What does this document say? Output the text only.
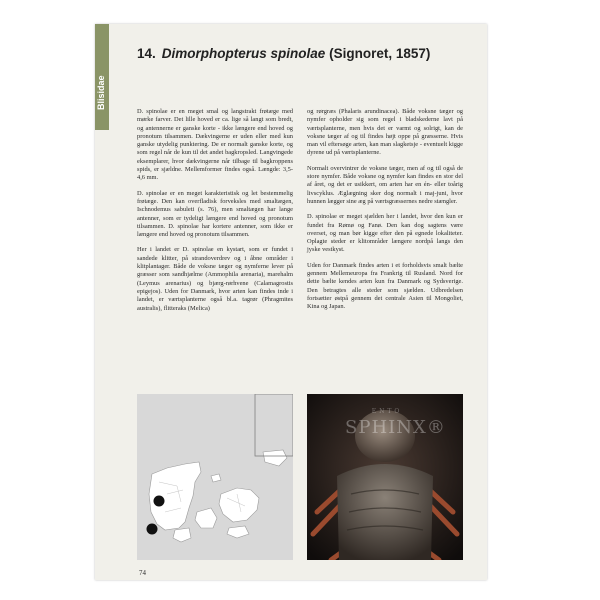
Blisidae
14. Dimorphopterus spinolae (Signoret, 1857)

D. spinolae er en meget smal og langstrakt frøtæge med mørke farver. Det lille hoved er ca. lige så langt som bredt, og antennerne er ganske korte - ikke længere end hoved og pronotum tilsammen. Dækvingerne er uden eller med kun ganske utydelig punktering. De er normalt ganske korte, og som regel når de kun til det andet bagkropsled. Langvingede eksemplarer, hvor dækvingerne når tilbage til bagkroppens spids, er sjældne. Mellemformer findes også. Længde: 3,5-4,6 mm.

D. spinolae er en meget karakteristisk og let bestemmelig frøtæge. Den kan overfladisk forveksles med smaltægen, Ischnodemus sabuleti (s. 76), men smaltægen har lange antenner, som er tydeligt længere end hoved og pronotum tilsammen. D. spinolae har kortere antenner, som ikke er længere end hoved og pronotum tilsammen.

Her i landet er D. spinolae en kystart, som er fundet i sandede klitter, på strandoverdrev og i åbne områder i klitplantager. Både de voksne tæger og nymferne lever på græsser som sandhjælme (Ammophila arenaria), marehalm (Leymus arenarius) og bjærg-rørhvene (Calamagrostis epigejos). Uden for Danmark, hvor arten kan findes inde i landet, er værtsplanterne også bl.a. tagrør (Phragmites australis), flitteraks (Melica)

og rørgræs (Phalaris arundinacea). Både voksne tæger og nymfer opholder sig som regel i bladskederne lavt på værtsplanterne, men hvis det er varmt og solrigt, kan de voksne tæger af og til findes højt oppe på græsserne. Hvis man vil eftersøge arten, kan man slagketsje - eventuelt kigge dyrene ud på værtsplanterne.

Normalt overvintrer de voksne tæger, men af og til også de store nymfer. Både voksne og nymfer kan findes en stor del af året, og det er usikkert, om arten har en én- eller toårig livscyklus. Æglægning sker dog normalt i maj-juni, hvor hunnen lægger sine æg på værtsgræssernes nedre stængler.

D. spinolae er meget sjælden her i landet, hvor den kun er fundet fra Rømø og Fanø. Den kan dog sagtens være overset, og man bør kigge efter den på egnede lokaliteter. Oplagte steder er klitområder længere nordpå langs den jyske vestkyst.

Uden for Danmark findes arten i et forholdsvis smalt bælte gennem Mellemeuropa fra Frankrig til Rusland. Nord for dette bælte kendes arten kun fra Danmark og Sydsverige. Den betragtes alle steder som sjælden. Udbredelsen fortsætter østpå gennem det centrale Asien til Mongoliet, Kina og Japan.

ENTO
SPHINX®
74
